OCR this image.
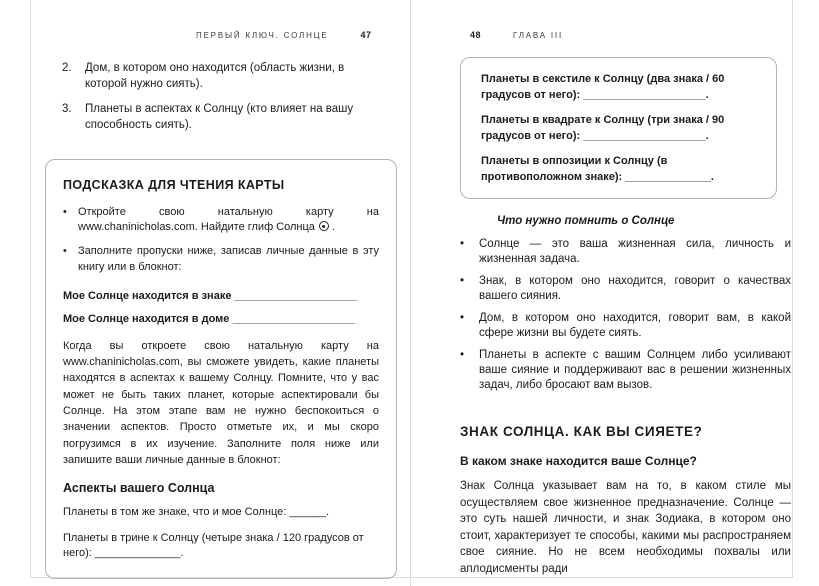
ПЕРВЫЙ КЛЮЧ. СОЛНЦЕ	47
2.	Дом, в котором оно находится (область жизни, в которой нужно сиять).
3.	Планеты в аспектах к Солнцу (кто влияет на вашу способность сиять).
ПОДСКАЗКА ДЛЯ ЧТЕНИЯ КАРТЫ
•	Откройте свою натальную карту на www.chaninicholas.com. Найдите глиф Солнца .
•	Заполните пропуски ниже, записав личные данные в эту книгу или в блокнот:

Мое Солнце находится в знаке ____________________

Мое Солнце находится в доме ____________________

Когда вы откроете свою натальную карту на www.chaninicholas.com, вы сможете увидеть, какие планеты находятся в аспектах к вашему Солнцу. Помните, что у вас может не быть таких планет, которые аспектировали бы Солнце. На этом этапе вам не нужно беспокоиться о значении аспектов. Просто отметьте их, и мы скоро погрузимся в их изучение. Заполните поля ниже или запишите ваши личные данные в блокнот:

Аспекты вашего Солнца

Планеты в том же знаке, что и мое Солнце: ______.

Планеты в трине к Солнцу (четыре знака / 120 градусов от него): ______________.

48	ГЛАВА III

Планеты в секстиле к Солнцу (два знака / 60 градусов от него): ____________________.

Планеты в квадрате к Солнцу (три знака / 90 градусов от него): ____________________.

Планеты в оппозиции к Солнцу (в противоположном знаке): ______________.

Что нужно помнить о Солнце
•	Солнце — это ваша жизненная сила, личность и жизненная задача.
•	Знак, в котором оно находится, говорит о качествах вашего сияния.
•	Дом, в котором оно находится, говорит вам, в какой сфере жизни вы будете сиять.
•	Планеты в аспекте с вашим Солнцем либо усиливают ваше сияние и поддерживают вас в решении жизненных задач, либо бросают вам вызов.
ЗНАК СОЛНЦА. КАК ВЫ СИЯЕТЕ?
В каком знаке находится ваше Солнце?

Знак Солнца указывает вам на то, в каком стиле мы осуществляем свое жизненное предназначение. Солнце — это суть нашей личности, и знак Зодиака, в котором оно стоит, характеризует те способы, какими мы распространяем свое сияние. Но не всем необходимы похвалы или аплодисменты ради
